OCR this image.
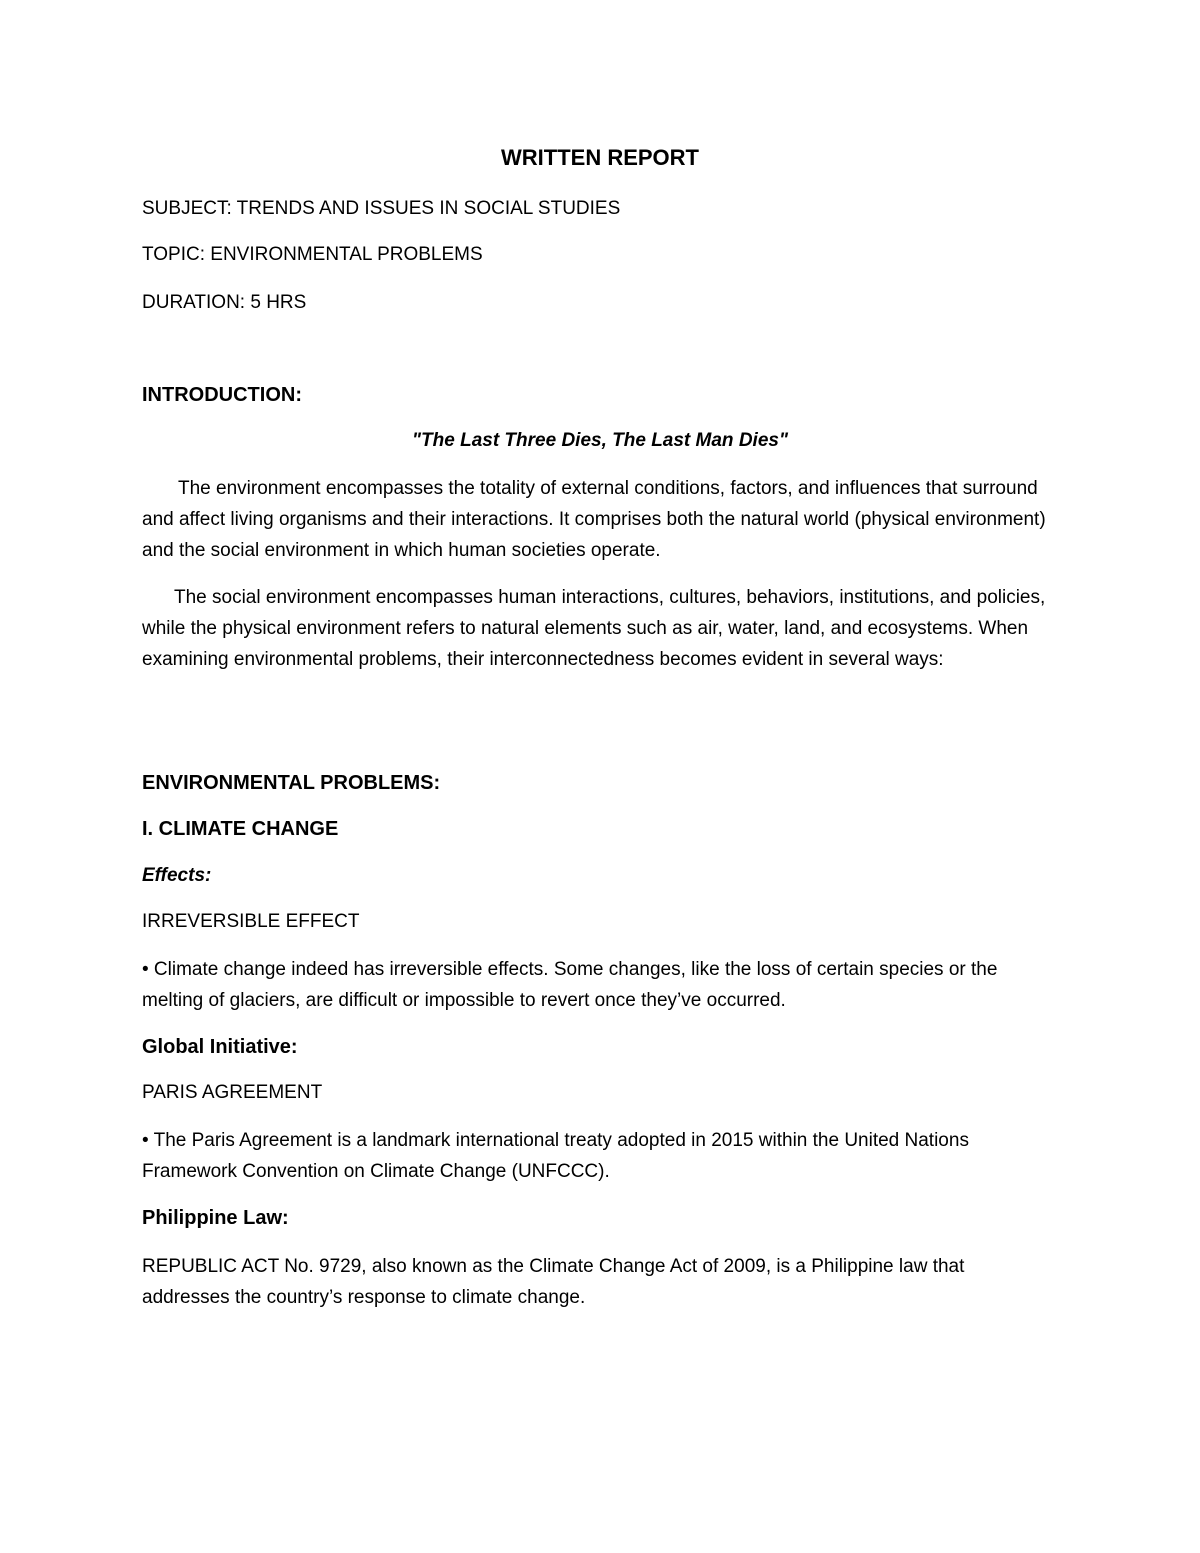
WRITTEN REPORT

SUBJECT: TRENDS AND ISSUES IN SOCIAL STUDIES

TOPIC: ENVIRONMENTAL PROBLEMS

DURATION: 5 HRS

INTRODUCTION:

"The Last Three Dies, The Last Man Dies"

The environment encompasses the totality of external conditions, factors, and influences that surround and affect living organisms and their interactions. It comprises both the natural world (physical environment) and the social environment in which human societies operate.

The social environment encompasses human interactions, cultures, behaviors, institutions, and policies, while the physical environment refers to natural elements such as air, water, land, and ecosystems. When examining environmental problems, their interconnectedness becomes evident in several ways:

ENVIRONMENTAL PROBLEMS:

I. CLIMATE CHANGE

Effects:

IRREVERSIBLE EFFECT

• Climate change indeed has irreversible effects. Some changes, like the loss of certain species or the melting of glaciers, are difficult or impossible to revert once they’ve occurred.

Global Initiative:

PARIS AGREEMENT

• The Paris Agreement is a landmark international treaty adopted in 2015 within the United Nations Framework Convention on Climate Change (UNFCCC).

Philippine Law:

REPUBLIC ACT No. 9729, also known as the Climate Change Act of 2009, is a Philippine law that addresses the country’s response to climate change.
